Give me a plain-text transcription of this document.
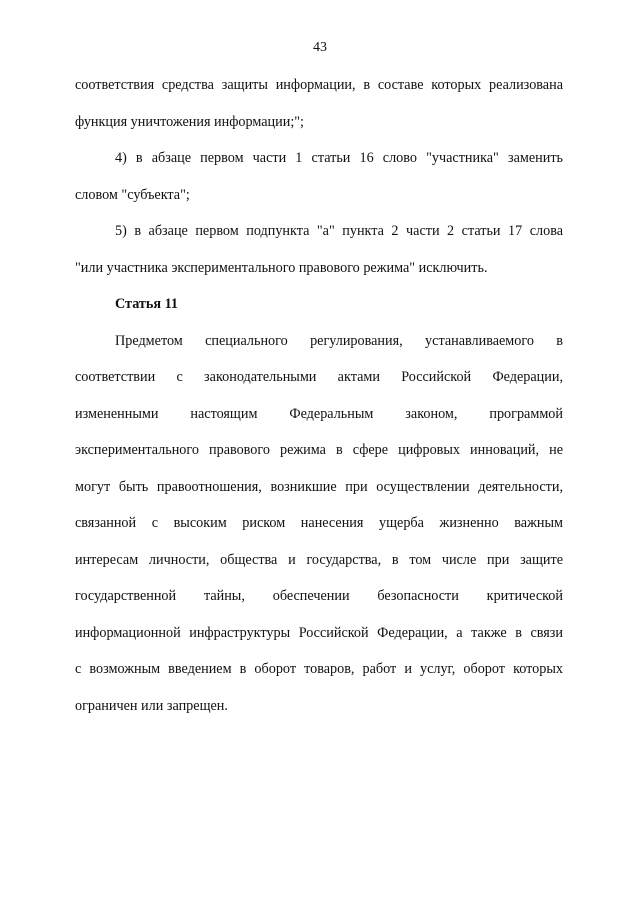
43
соответствия средства защиты информации, в составе которых реализована
функция уничтожения информации;";
4) в абзаце первом части 1 статьи 16 слово "участника" заменить
словом "субъекта";
5) в абзаце первом подпункта "а" пункта 2 части 2 статьи 17 слова
"или участника экспериментального правового режима" исключить.
Статья 11
Предметом специального регулирования, устанавливаемого в
соответствии с законодательными актами Российской Федерации,
измененными настоящим Федеральным законом, программой
экспериментального правового режима в сфере цифровых инноваций, не
могут быть правоотношения, возникшие при осуществлении деятельности,
связанной с высоким риском нанесения ущерба жизненно важным
интересам личности, общества и государства, в том числе при защите
государственной тайны, обеспечении безопасности критической
информационной инфраструктуры Российской Федерации, а также в связи
с возможным введением в оборот товаров, работ и услуг, оборот которых
ограничен или запрещен.
